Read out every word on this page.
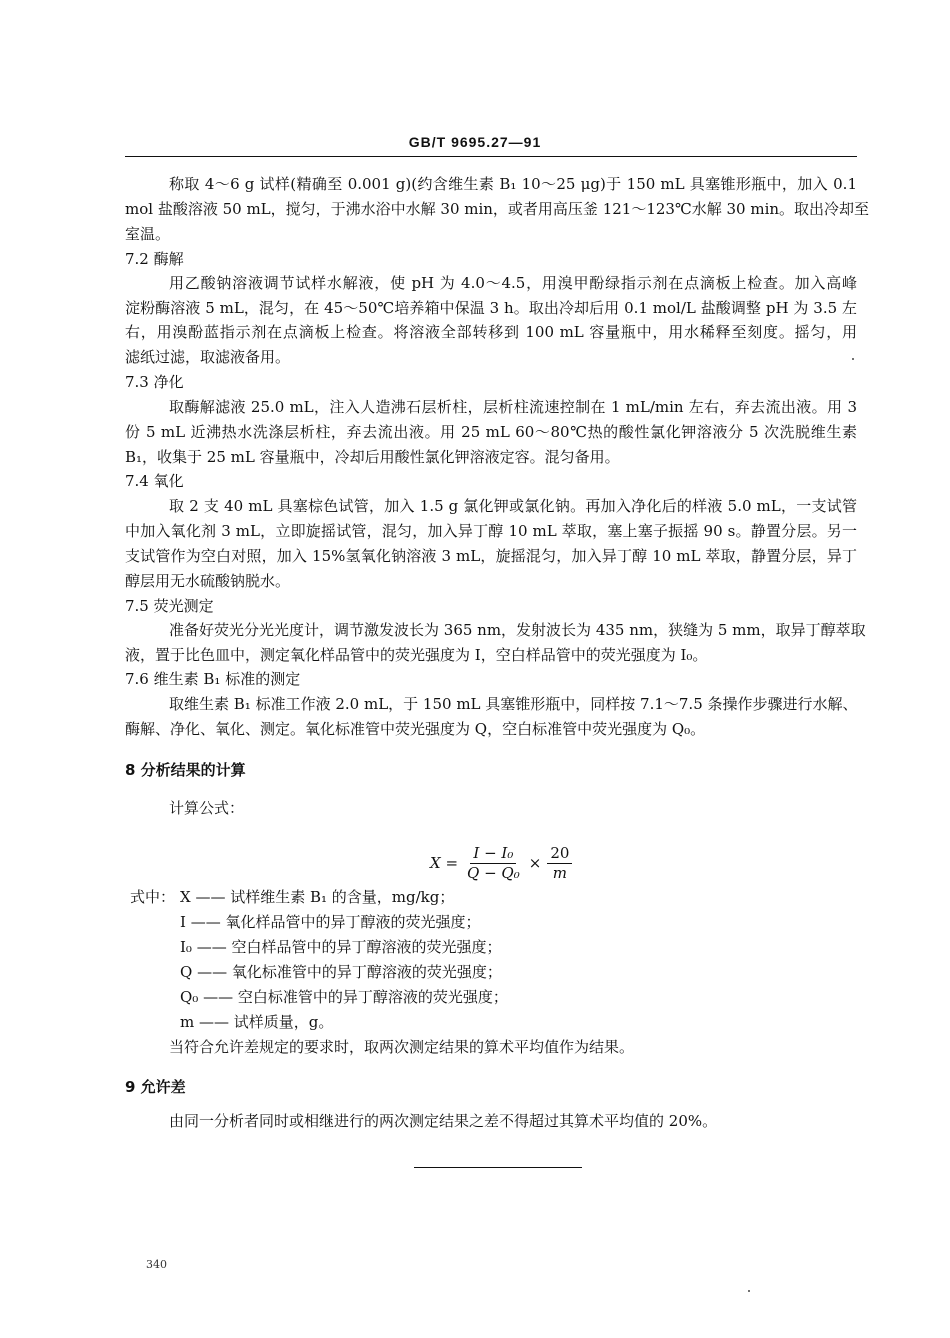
GB/T 9695.27—91
称取 4～6 g 试样(精确至 0.001 g)(约含维生素 B₁ 10～25 μg)于 150 mL 具塞锥形瓶中，加入 0.1
mol 盐酸溶液 50 mL，搅匀，于沸水浴中水解 30 min，或者用高压釜 121～123℃水解 30 min。取出冷却至
室温。
7.2 酶解
用乙酸钠溶液调节试样水解液，使 pH 为 4.0～4.5，用溴甲酚绿指示剂在点滴板上检查。加入高峰
淀粉酶溶液 5 mL，混匀，在 45～50℃培养箱中保温 3 h。取出冷却后用 0.1 mol/L 盐酸调整 pH 为 3.5 左
右，用溴酚蓝指示剂在点滴板上检查。将溶液全部转移到 100 mL 容量瓶中，用水稀释至刻度。摇匀，用
滤纸过滤，取滤液备用。
7.3 净化
取酶解滤液 25.0 mL，注入人造沸石层析柱，层析柱流速控制在 1 mL/min 左右，弃去流出液。用 3
份 5 mL 近沸热水洗涤层析柱，弃去流出液。用 25 mL 60～80℃热的酸性氯化钾溶液分 5 次洗脱维生素
B₁，收集于 25 mL 容量瓶中，冷却后用酸性氯化钾溶液定容。混匀备用。
7.4 氧化
取 2 支 40 mL 具塞棕色试管，加入 1.5 g 氯化钾或氯化钠。再加入净化后的样液 5.0 mL，一支试管
中加入氧化剂 3 mL，立即旋摇试管，混匀，加入异丁醇 10 mL 萃取，塞上塞子振摇 90 s。静置分层。另一
支试管作为空白对照，加入 15%氢氧化钠溶液 3 mL，旋摇混匀，加入异丁醇 10 mL 萃取，静置分层，异丁
醇层用无水硫酸钠脱水。
7.5 荧光测定
准备好荧光分光光度计，调节激发波长为 365 nm，发射波长为 435 nm，狭缝为 5 mm，取异丁醇萃取
液，置于比色皿中，测定氧化样品管中的荧光强度为 I，空白样品管中的荧光强度为 I₀。
7.6 维生素 B₁ 标准的测定
取维生素 B₁ 标准工作液 2.0 mL，于 150 mL 具塞锥形瓶中，同样按 7.1～7.5 条操作步骤进行水解、
酶解、净化、氧化、测定。氧化标准管中荧光强度为 Q，空白标准管中荧光强度为 Q₀。
8 分析结果的计算
计算公式：
$X = \frac{\text{I − I₀}}{\text{Q − Q₀}} \times \frac{20}{m}$
式中： X —— 试样维生素 B₁ 的含量，mg/kg；
I —— 氧化样品管中的异丁醇液的荧光强度；
I₀ —— 空白样品管中的异丁醇溶液的荧光强度；
Q —— 氧化标准管中的异丁醇溶液的荧光强度；
Q₀ —— 空白标准管中的异丁醇溶液的荧光强度；
m —— 试样质量，g。
当符合允许差规定的要求时，取两次测定结果的算术平均值作为结果。
9 允许差
由同一分析者同时或相继进行的两次测定结果之差不得超过其算术平均值的 20%。
340
